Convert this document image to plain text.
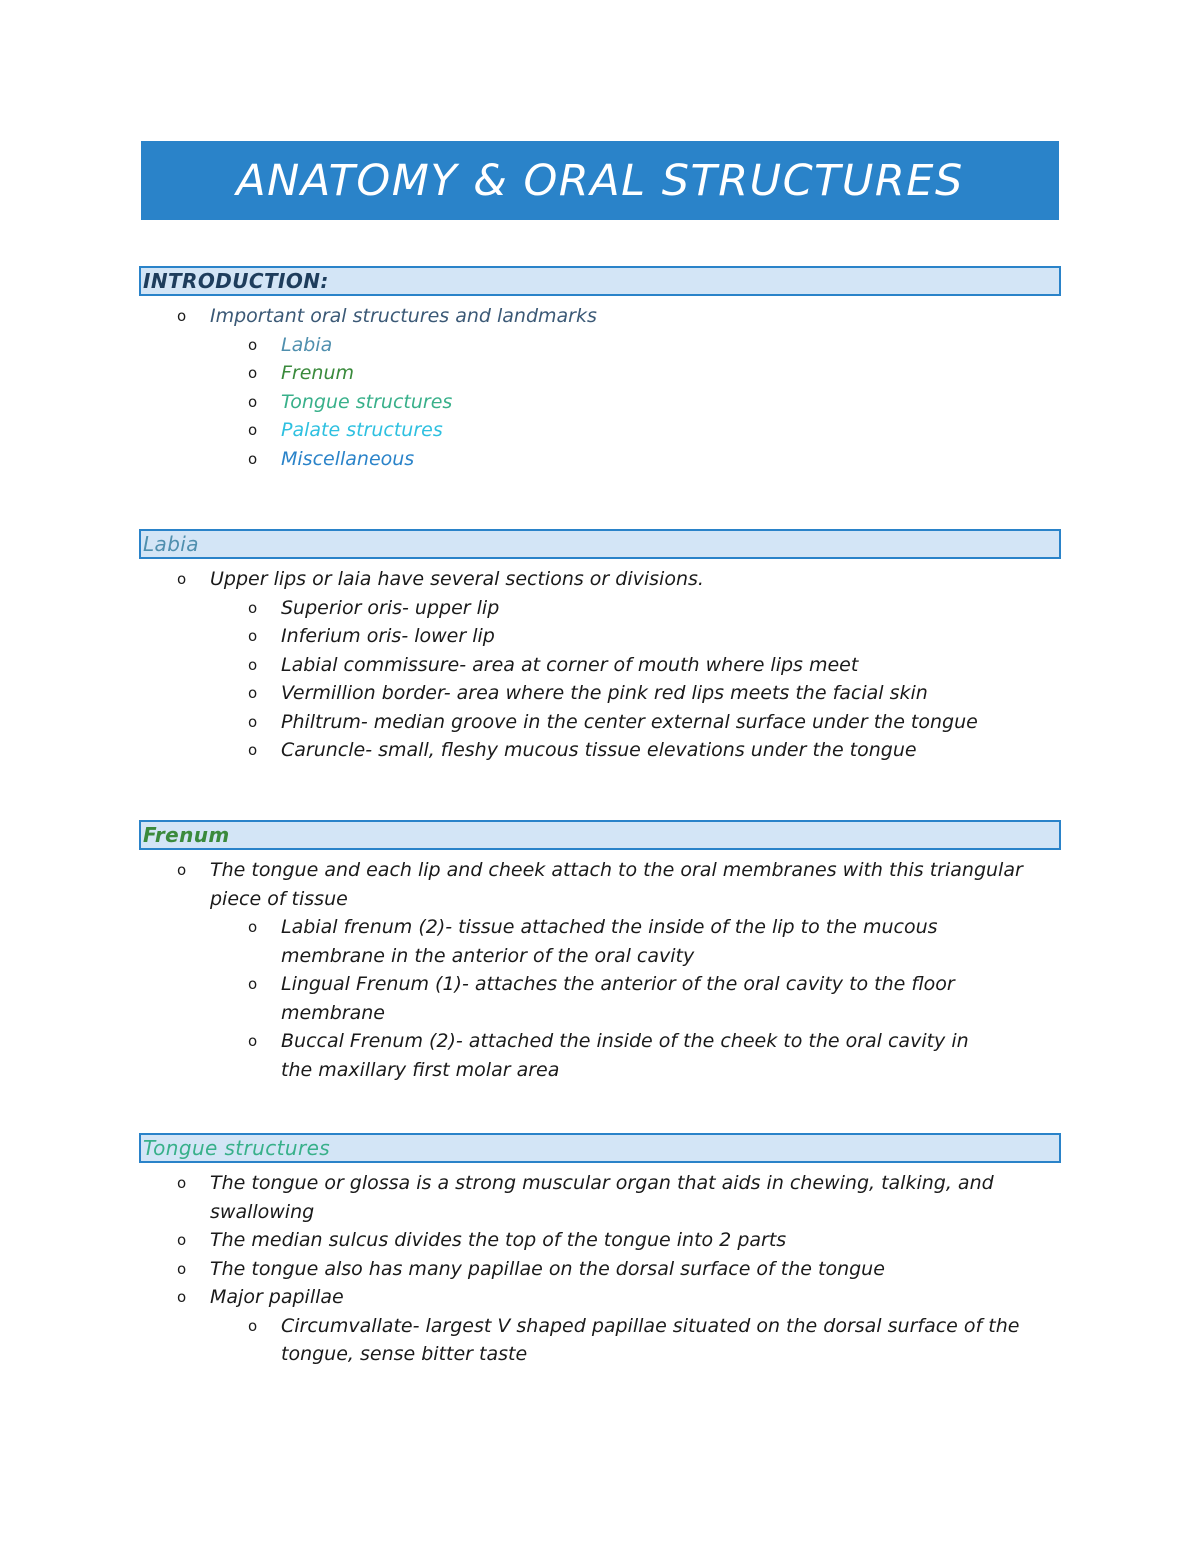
ANATOMY & ORAL STRUCTURES
INTRODUCTION:
o Important oral structures and landmarks
o Labia
o Frenum
o Tongue structures
o Palate structures
o Miscellaneous
Labia
o Upper lips or laia have several sections or divisions.
o Superior oris- upper lip
o Inferium oris- lower lip
o Labial commissure- area at corner of mouth where lips meet
o Vermillion border- area where the pink red lips meets the facial skin
o Philtrum- median groove in the center external surface under the tongue
o Caruncle- small, fleshy mucous tissue elevations under the tongue
Frenum
o The tongue and each lip and cheek attach to the oral membranes with this triangular piece of tissue
o Labial frenum (2)- tissue attached the inside of the lip to the mucous membrane in the anterior of the oral cavity
o Lingual Frenum (1)- attaches the anterior of the oral cavity to the floor membrane
o Buccal Frenum (2)- attached the inside of the cheek to the oral cavity in the maxillary first molar area
Tongue structures
o The tongue or glossa is a strong muscular organ that aids in chewing, talking, and swallowing
o The median sulcus divides the top of the tongue into 2 parts
o The tongue also has many papillae on the dorsal surface of the tongue
o Major papillae
o Circumvallate- largest V shaped papillae situated on the dorsal surface of the tongue, sense bitter taste
